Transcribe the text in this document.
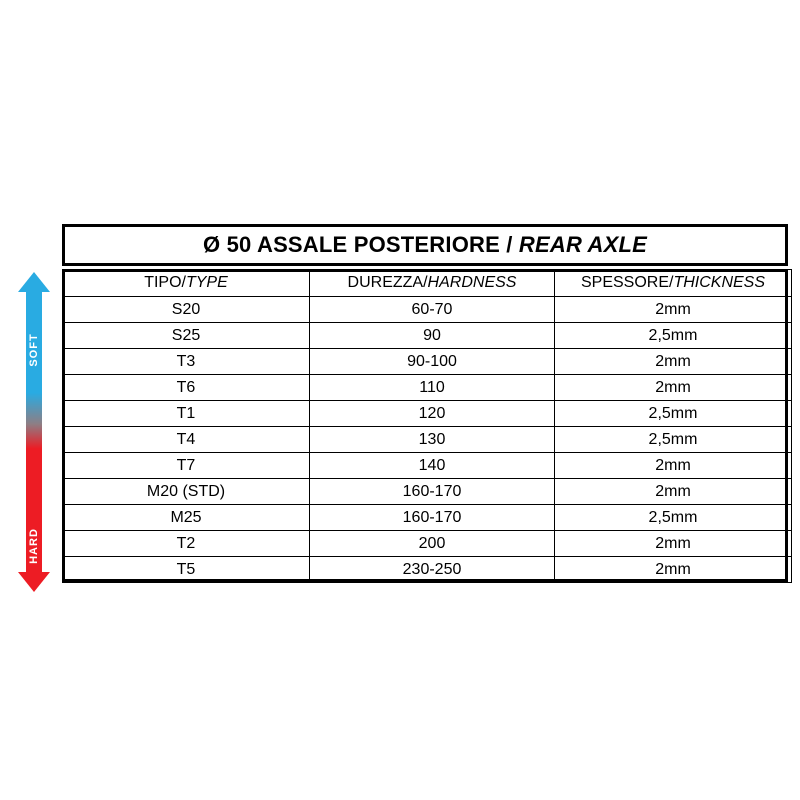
SOFT
HARD
Ø 50 ASSALE POSTERIORE / REAR AXLE
TIPO/TYPE	DUREZZA/HARDNESS	SPESSORE/THICKNESS
S20	60-70	2mm
S25	90	2,5mm
T3	90-100	2mm
T6	110	2mm
T1	120	2,5mm
T4	130	2,5mm
T7	140	2mm
M20 (STD)	160-170	2mm
M25	160-170	2,5mm
T2	200	2mm
T5	230-250	2mm
